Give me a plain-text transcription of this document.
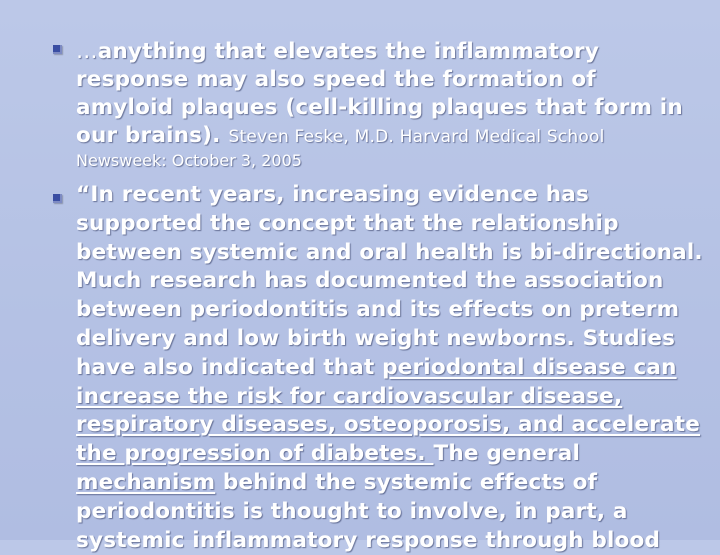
…anything that elevates the inflammatory response may also speed the formation of amyloid plaques (cell-killing plaques that form in our brains). Steven Feske, M.D. Harvard Medical School
Newsweek: October 3, 2005
“In recent years, increasing evidence has supported the concept that the relationship between systemic and oral health is bi-directional. Much research has documented the association between periodontitis and its effects on preterm delivery and low birth weight newborns. Studies have also indicated that periodontal disease can increase the risk for cardiovascular disease, respiratory diseases, osteoporosis, and accelerate the progression of diabetes. The general mechanism behind the systemic effects of periodontitis is thought to involve, in part, a systemic inflammatory response through blood
